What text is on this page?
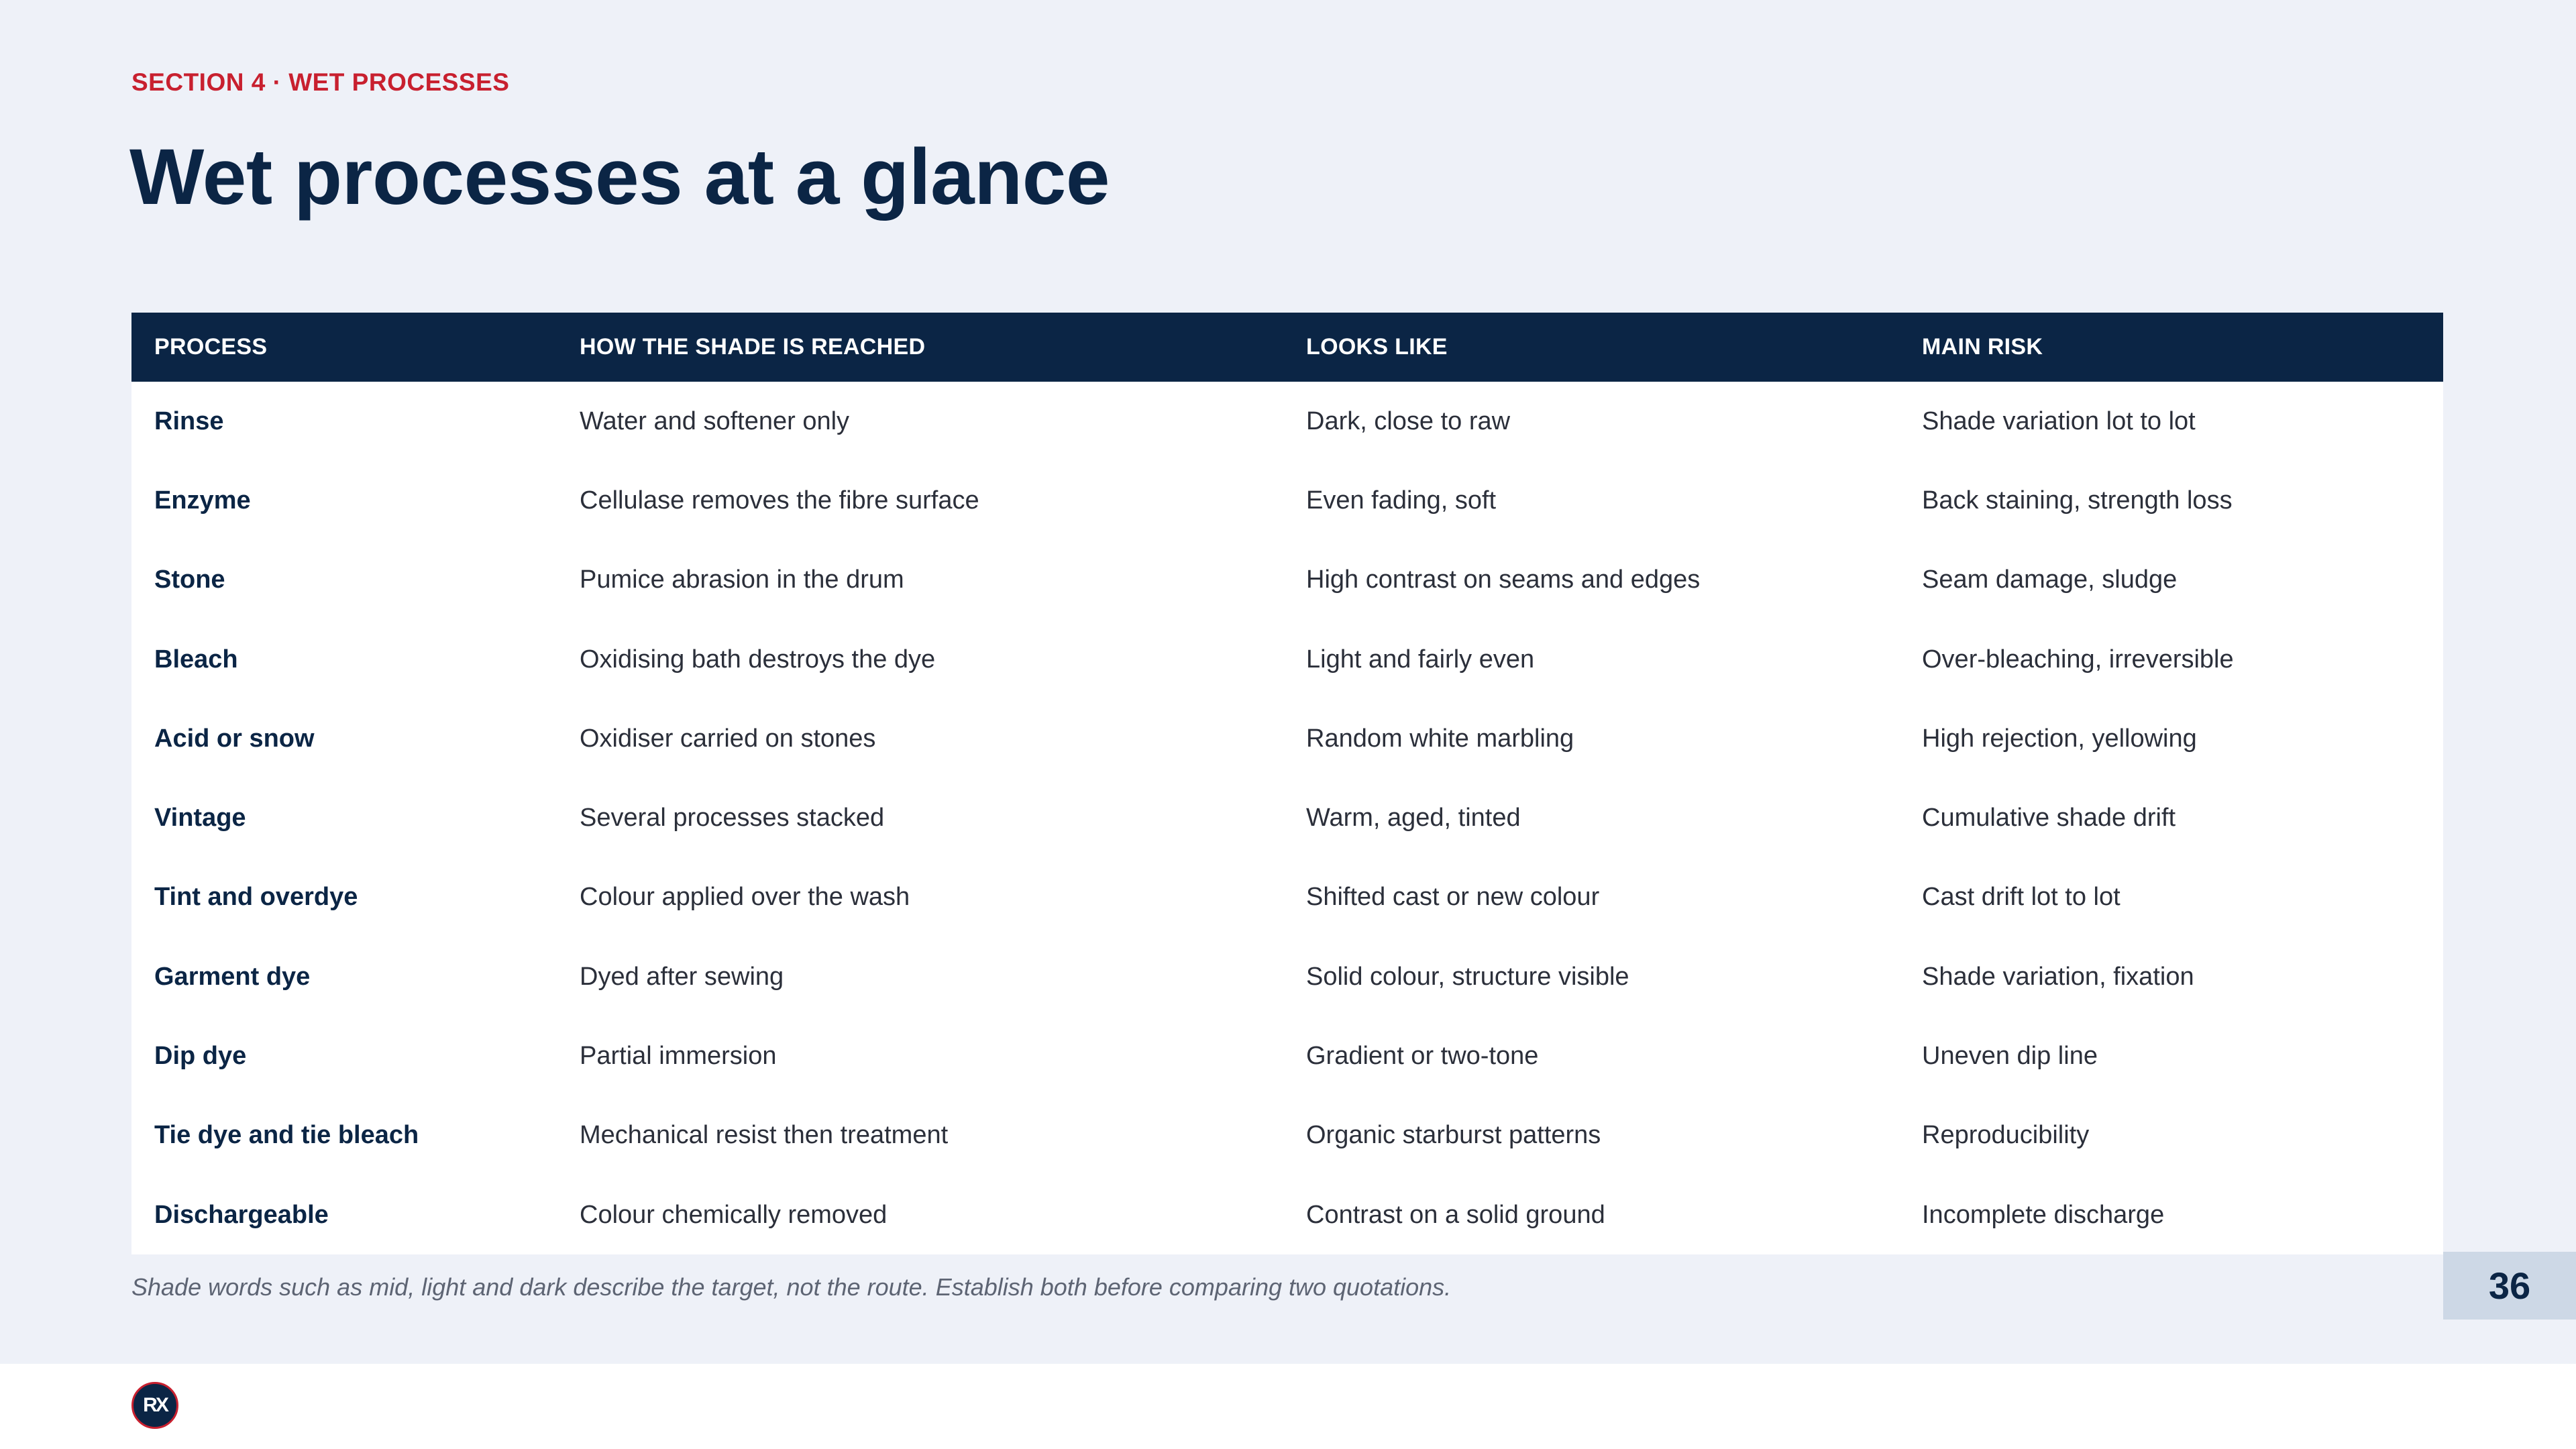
SECTION 4 · WET PROCESSES
Wet processes at a glance
PROCESS	HOW THE SHADE IS REACHED	LOOKS LIKE	MAIN RISK
Rinse	Water and softener only	Dark, close to raw	Shade variation lot to lot
Enzyme	Cellulase removes the fibre surface	Even fading, soft	Back staining, strength loss
Stone	Pumice abrasion in the drum	High contrast on seams and edges	Seam damage, sludge
Bleach	Oxidising bath destroys the dye	Light and fairly even	Over-bleaching, irreversible
Acid or snow	Oxidiser carried on stones	Random white marbling	High rejection, yellowing
Vintage	Several processes stacked	Warm, aged, tinted	Cumulative shade drift
Tint and overdye	Colour applied over the wash	Shifted cast or new colour	Cast drift lot to lot
Garment dye	Dyed after sewing	Solid colour, structure visible	Shade variation, fixation
Dip dye	Partial immersion	Gradient or two-tone	Uneven dip line
Tie dye and tie bleach	Mechanical resist then treatment	Organic starburst patterns	Reproducibility
Dischargeable	Colour chemically removed	Contrast on a solid ground	Incomplete discharge
Shade words such as mid, light and dark describe the target, not the route. Establish both before comparing two quotations.	36
RX
